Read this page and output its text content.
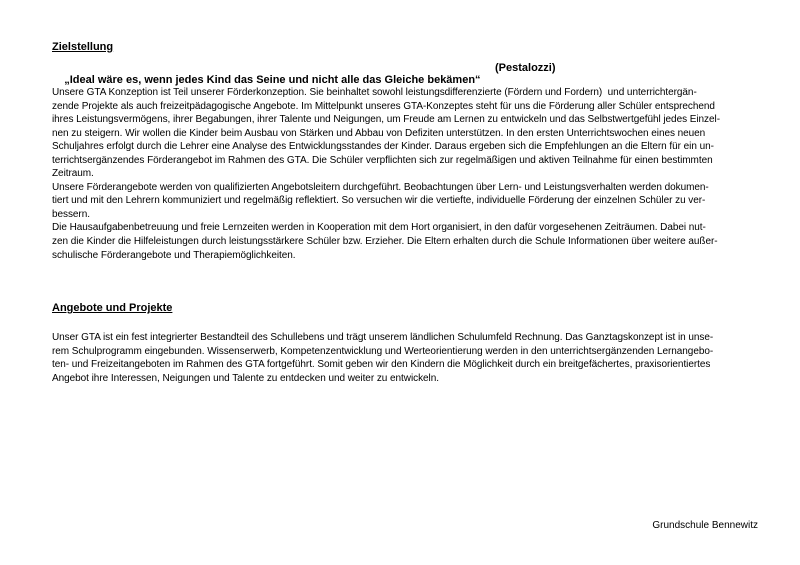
Zielstellung

„Ideal wäre es, wenn jedes Kind das Seine und nicht alle das Gleiche bekämen“

(Pestalozzi)

Unsere GTA Konzeption ist Teil unserer Förderkonzeption. Sie beinhaltet sowohl leistungsdifferenzierte (Fördern und Fordern)  und unterrichtergän-
zende Projekte als auch freizeitpädagogische Angebote. Im Mittelpunkt unseres GTA-Konzeptes steht für uns die Förderung aller Schüler entsprechend
ihres Leistungsvermögens, ihrer Begabungen, ihrer Talente und Neigungen, um Freude am Lernen zu entwickeln und das Selbstwertgefühl jedes Einzel-
nen zu steigern. Wir wollen die Kinder beim Ausbau von Stärken und Abbau von Defiziten unterstützen. In den ersten Unterrichtswochen eines neuen
Schuljahres erfolgt durch die Lehrer eine Analyse des Entwicklungsstandes der Kinder. Daraus ergeben sich die Empfehlungen an die Eltern für ein un-
terrichtsergänzendes Förderangebot im Rahmen des GTA. Die Schüler verpflichten sich zur regelmäßigen und aktiven Teilnahme für einen bestimmten
Zeitraum.
Unsere Förderangebote werden von qualifizierten Angebotsleitern durchgeführt. Beobachtungen über Lern- und Leistungsverhalten werden dokumen-
tiert und mit den Lehrern kommuniziert und regelmäßig reflektiert. So versuchen wir die vertiefte, individuelle Förderung der einzelnen Schüler zu ver-
bessern.
Die Hausaufgabenbetreuung und freie Lernzeiten werden in Kooperation mit dem Hort organisiert, in den dafür vorgesehenen Zeiträumen. Dabei nut-
zen die Kinder die Hilfeleistungen durch leistungsstärkere Schüler bzw. Erzieher. Die Eltern erhalten durch die Schule Informationen über weitere außer-
schulische Förderangebote und Therapiemöglichkeiten.
Angebote und Projekte
Unser GTA ist ein fest integrierter Bestandteil des Schullebens und trägt unserem ländlichen Schulumfeld Rechnung. Das Ganztagskonzept ist in unse-
rem Schulprogramm eingebunden. Wissenserwerb, Kompetenzentwicklung und Werteorientierung werden in den unterrichtsergänzenden Lernangebo-
ten- und Freizeitangeboten im Rahmen des GTA fortgeführt. Somit geben wir den Kindern die Möglichkeit durch ein breitgefächertes, praxisorientiertes
Angebot ihre Interessen, Neigungen und Talente zu entdecken und weiter zu entwickeln.
Grundschule Bennewitz
